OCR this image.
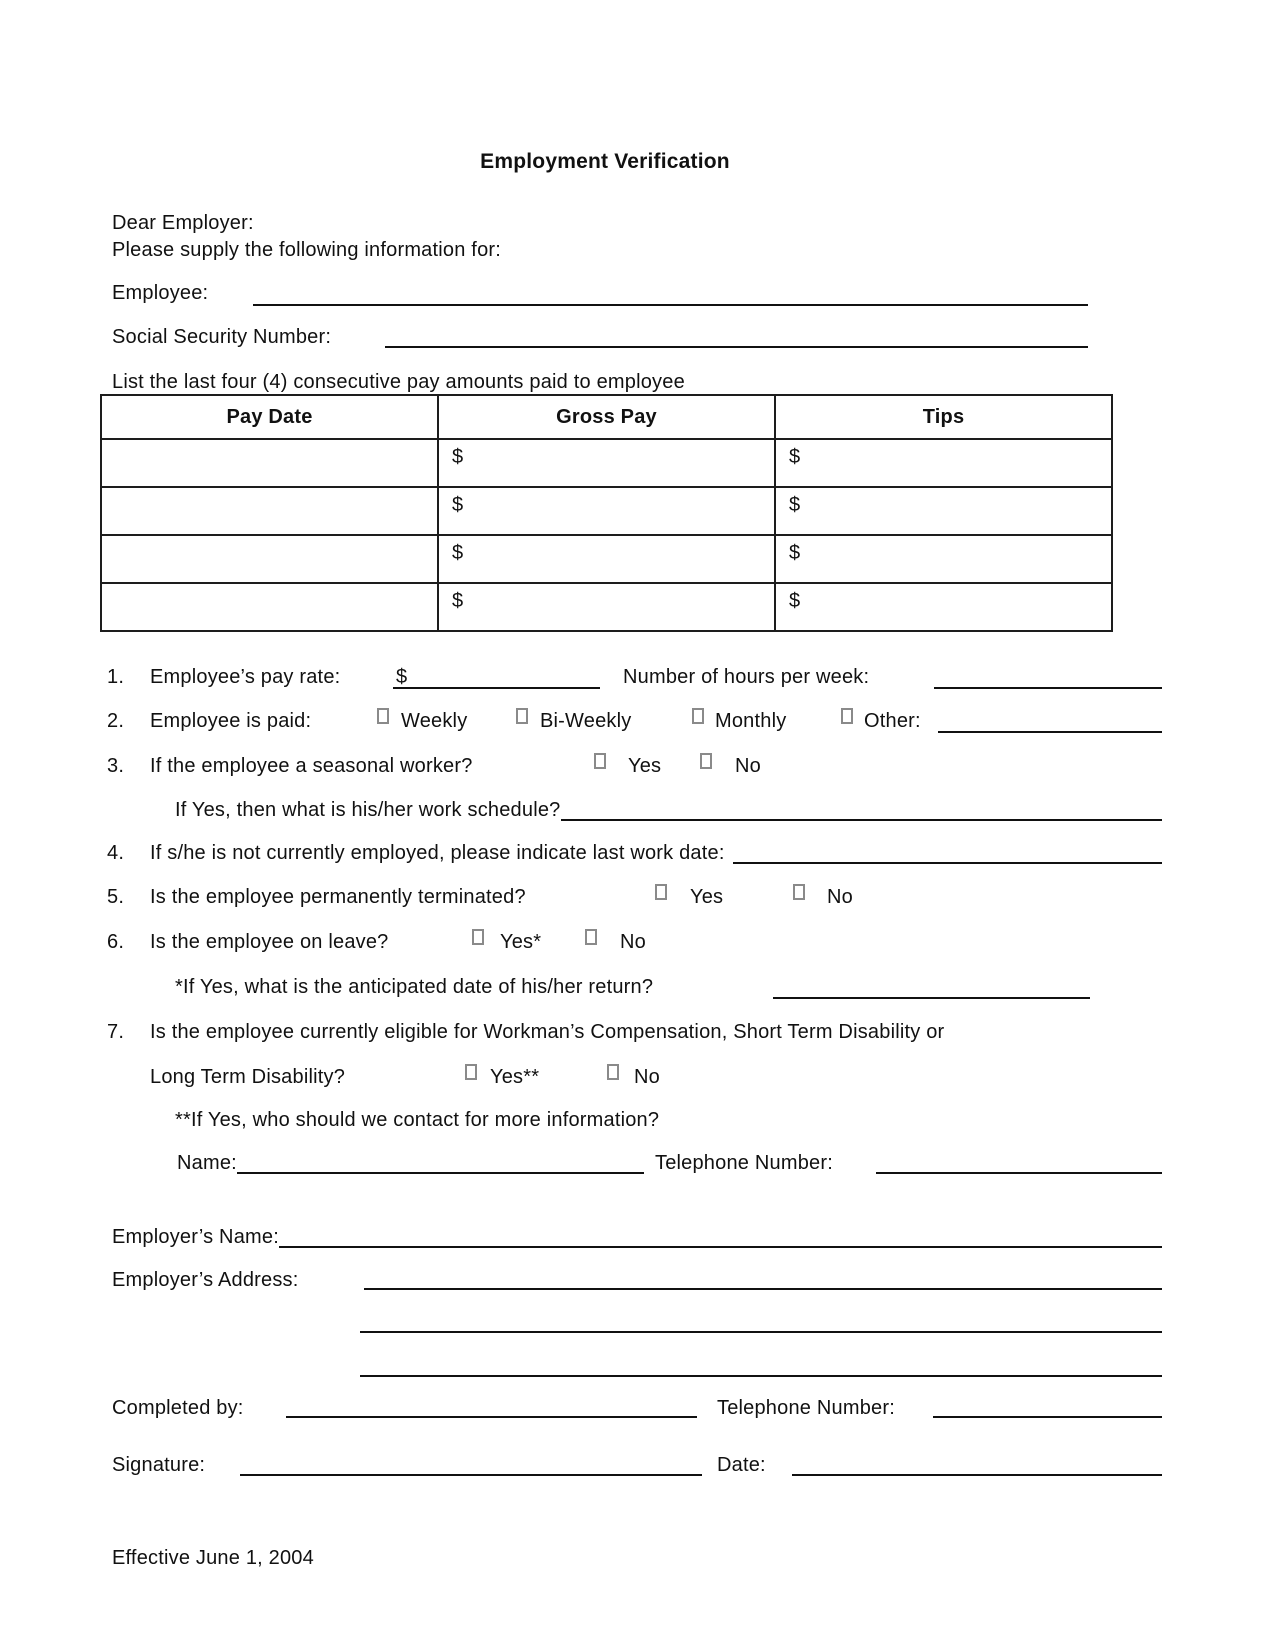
Employment Verification
Dear Employer:
Please supply the following information for:
Employee:
Social Security Number:
List the last four (4) consecutive pay amounts paid to employee
Pay Date	Gross Pay	Tips
	$	$
	$	$
	$	$
	$	$
1. Employee’s pay rate:	$	Number of hours per week:
2. Employee is paid:	Weekly	Bi-Weekly	Monthly	Other:
3. If the employee a seasonal worker?	Yes	No
If Yes, then what is his/her work schedule?
4.	If s/he is not currently employed, please indicate last work date:
5. Is the employee permanently terminated?	Yes	No
6. Is the employee on leave?	Yes*	No
*If Yes, what is the anticipated date of his/her return?
7. Is the employee currently eligible for Workman’s Compensation, Short Term Disability or
Long Term Disability?	Yes**	No
**If Yes, who should we contact for more information?
Name:	Telephone Number:
Employer’s Name:
Employer’s Address:
Completed by:	Telephone Number:
Signature:	Date:
Effective June 1, 2004
